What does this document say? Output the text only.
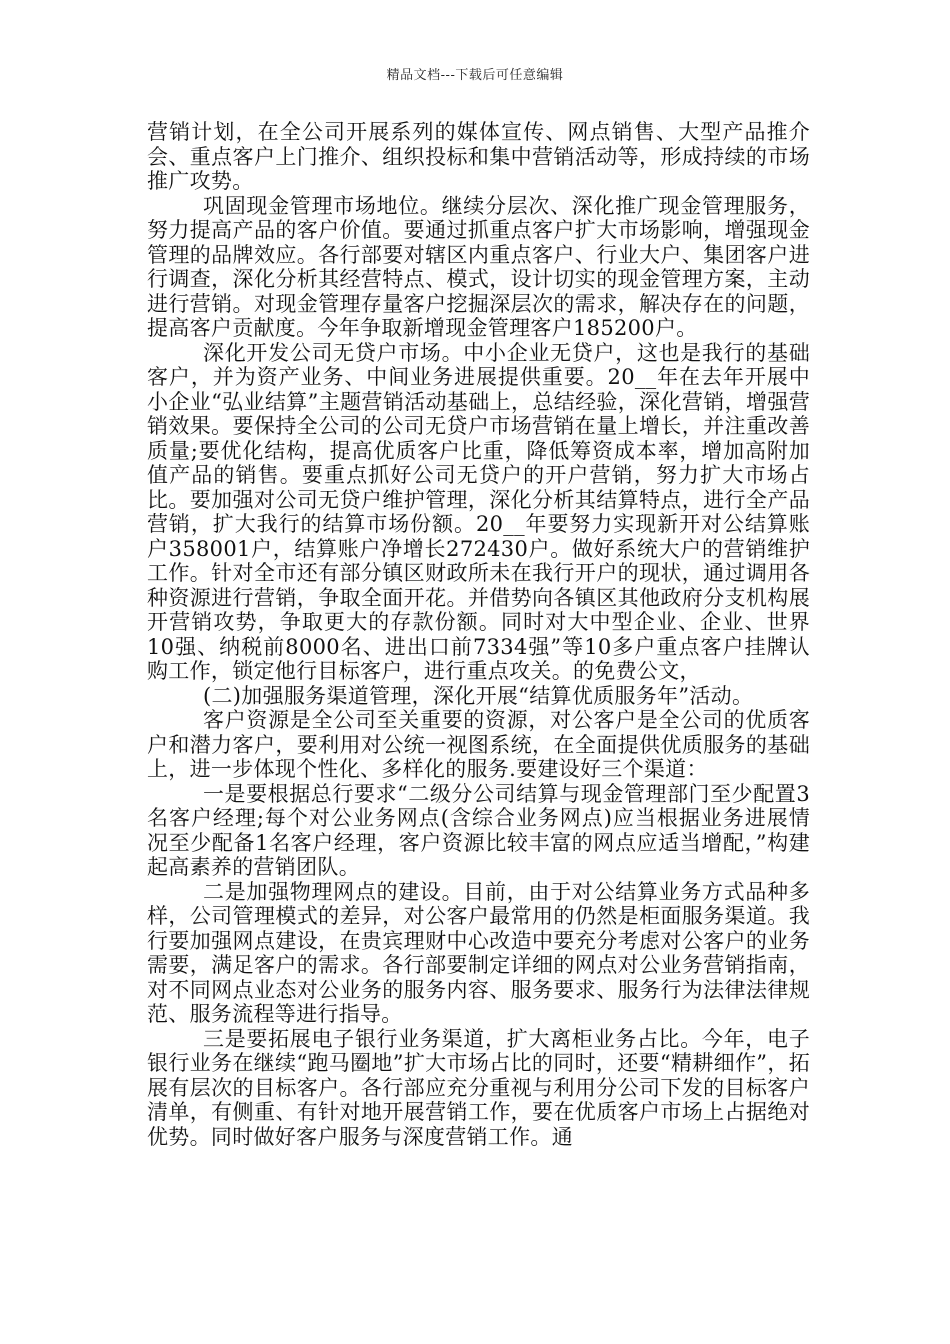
精品文档---下载后可任意编辑

营销计划，在全公司开展系列的媒体宣传、网点销售、大型产品推介会、重点客户上门推介、组织投标和集中营销活动等，形成持续的市场推广攻势。

巩固现金管理市场地位。继续分层次、深化推广现金管理服务，努力提高产品的客户价值。要通过抓重点客户扩大市场影响，增强现金管理的品牌效应。各行部要对辖区内重点客户、行业大户、集团客户进行调查，深化分析其经营特点、模式，设计切实的现金管理方案，主动进行营销。对现金管理存量客户挖掘深层次的需求，解决存在的问题，提高客户贡献度。今年争取新增现金管理客户185200户。

深化开发公司无贷户市场。中小企业无贷户，这也是我行的基础客户，并为资产业务、中间业务进展提供重要。20__年在去年开展中小企业“弘业结算”主题营销活动基础上，总结经验，深化营销，增强营销效果。要保持全公司的公司无贷户市场营销在量上增长，并注重改善质量;要优化结构，提高优质客户比重，降低筹资成本率，增加高附加值产品的销售。要重点抓好公司无贷户的开户营销，努力扩大市场占比。要加强对公司无贷户维护管理，深化分析其结算特点，进行全产品营销，扩大我行的结算市场份额。20__年要努力实现新开对公结算账户358001户，结算账户净增长272430户。做好系统大户的营销维护工作。针对全市还有部分镇区财政所未在我行开户的现状，通过调用各种资源进行营销，争取全面开花。并借势向各镇区其他政府分支机构展开营销攻势，争取更大的存款份额。同时对大中型企业、企业、世界10强、纳税前8000名、进出口前7334强”等10多户重点客户挂牌认购工作，锁定他行目标客户，进行重点攻关。的免费公文，

(二)加强服务渠道管理，深化开展“结算优质服务年”活动。

客户资源是全公司至关重要的资源，对公客户是全公司的优质客户和潜力客户，要利用对公统一视图系统，在全面提供优质服务的基础上，进一步体现个性化、多样化的服务.要建设好三个渠道：

一是要根据总行要求“二级分公司结算与现金管理部门至少配置3名客户经理;每个对公业务网点(含综合业务网点)应当根据业务进展情况至少配备1名客户经理，客户资源比较丰富的网点应适当增配，”构建起高素养的营销团队。

二是加强物理网点的建设。目前，由于对公结算业务方式品种多样，公司管理模式的差异，对公客户最常用的仍然是柜面服务渠道。我行要加强网点建设，在贵宾理财中心改造中要充分考虑对公客户的业务需要，满足客户的需求。各行部要制定详细的网点对公业务营销指南，对不同网点业态对公业务的服务内容、服务要求、服务行为法律法律规范、服务流程等进行指导。

三是要拓展电子银行业务渠道，扩大离柜业务占比。今年，电子银行业务在继续“跑马圈地”扩大市场占比的同时，还要“精耕细作”，拓展有层次的目标客户。各行部应充分重视与利用分公司下发的目标客户清单，有侧重、有针对地开展营销工作，要在优质客户市场上占据绝对优势。同时做好客户服务与深度营销工作。通
